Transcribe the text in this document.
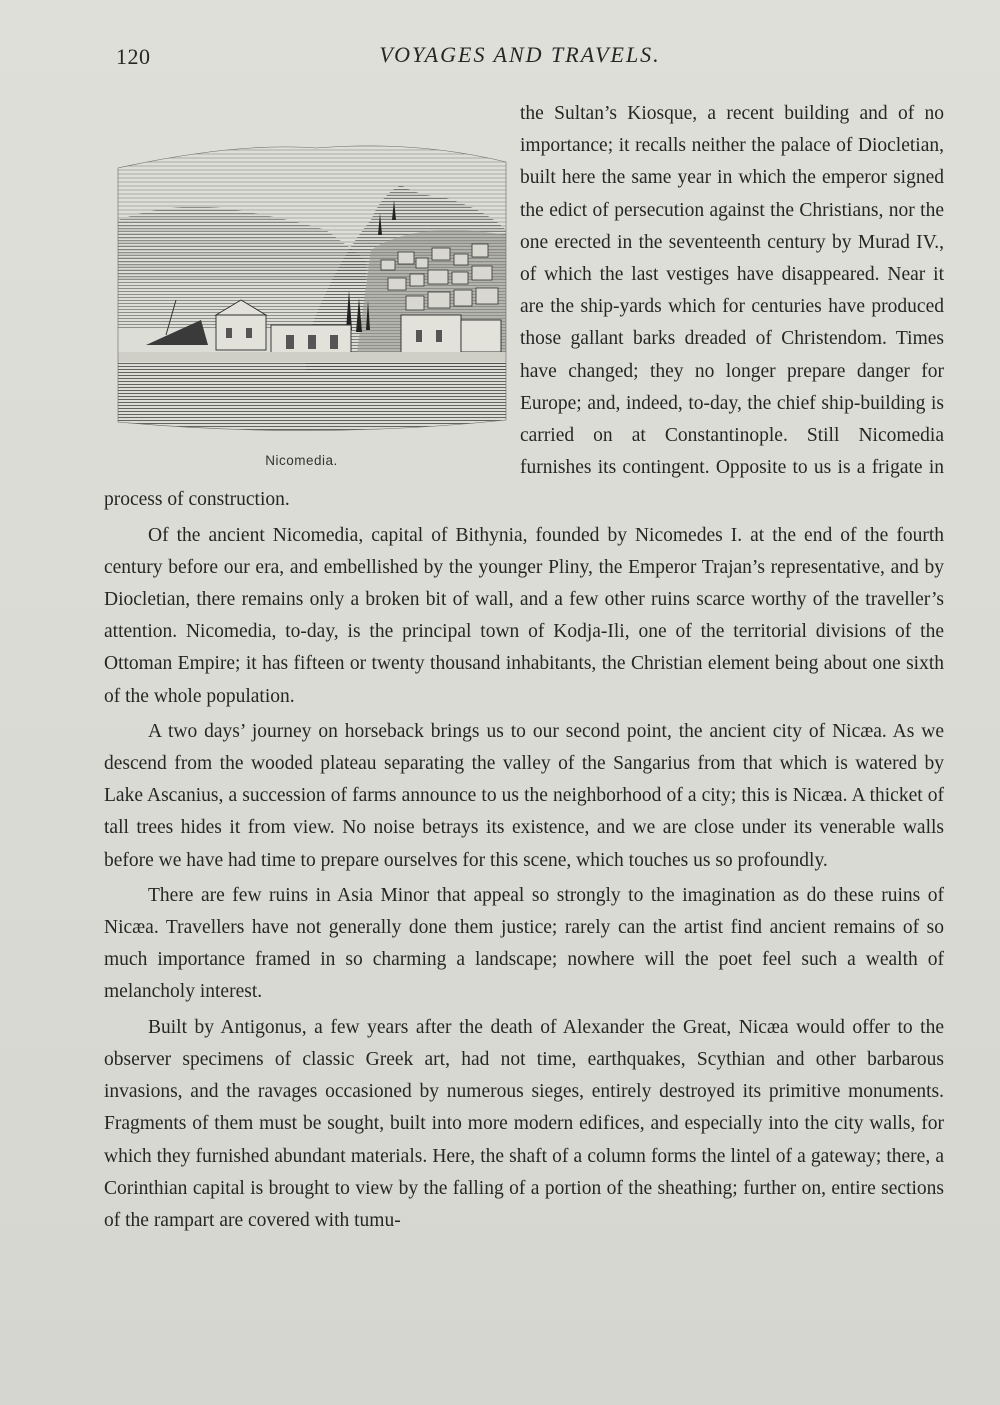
120	VOYAGES AND TRAVELS.
Nicomedia.

the Sultan’s Kiosque, a recent building and of no importance; it recalls neither the palace of Diocletian, built here the same year in which the emperor signed the edict of persecution against the Christians, nor the one erected in the seventeenth century by Murad IV., of which the last vestiges have disappeared. Near it are the ship-yards which for centuries have produced those gallant barks dreaded of Christendom. Times have changed; they no longer prepare danger for Europe; and, indeed, to-day, the chief ship-building is carried on at Constantinople. Still Nicomedia furnishes its contingent. Opposite to us is a frigate in process of construction.

Of the ancient Nicomedia, capital of Bithynia, founded by Nicomedes I. at the end of the fourth century before our era, and embellished by the younger Pliny, the Emperor Trajan’s representative, and by Diocletian, there remains only a broken bit of wall, and a few other ruins scarce worthy of the traveller’s attention. Nicomedia, to-day, is the principal town of Kodja-Ili, one of the territorial divisions of the Ottoman Empire; it has fifteen or twenty thousand inhabitants, the Christian element being about one sixth of the whole population.

A two days’ journey on horseback brings us to our second point, the ancient city of Nicæa. As we descend from the wooded plateau separating the valley of the Sangarius from that which is watered by Lake Ascanius, a succession of farms announce to us the neighborhood of a city; this is Nicæa. A thicket of tall trees hides it from view. No noise betrays its existence, and we are close under its venerable walls before we have had time to prepare ourselves for this scene, which touches us so profoundly.

There are few ruins in Asia Minor that appeal so strongly to the imagination as do these ruins of Nicæa. Travellers have not generally done them justice; rarely can the artist find ancient remains of so much importance framed in so charming a landscape; nowhere will the poet feel such a wealth of melancholy interest.

Built by Antigonus, a few years after the death of Alexander the Great, Nicæa would offer to the observer specimens of classic Greek art, had not time, earthquakes, Scythian and other barbarous invasions, and the ravages occasioned by numerous sieges, entirely destroyed its primitive monuments. Fragments of them must be sought, built into more modern edifices, and especially into the city walls, for which they furnished abundant materials. Here, the shaft of a column forms the lintel of a gateway; there, a Corinthian capital is brought to view by the falling of a portion of the sheathing; further on, entire sections of the rampart are covered with tumu-
